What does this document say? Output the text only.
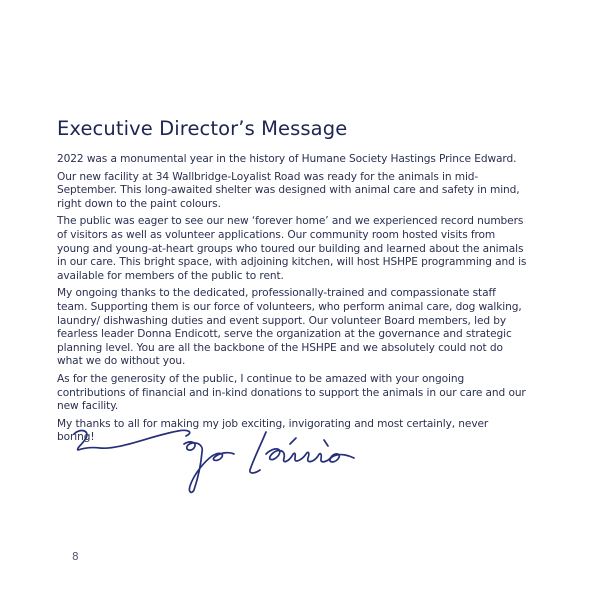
Executive Director’s Message

2022 was a monumental year in the history of Humane Society Hastings Prince Edward.

Our new facility at 34 Wallbridge-Loyalist Road was ready for the animals in mid-September. This long-awaited shelter was designed with animal care and safety in mind, right down to the paint colours.

The public was eager to see our new ‘forever home’ and we experienced record numbers of visitors as well as volunteer applications. Our community room hosted visits from young and young-at-heart groups who toured our building and learned about the animals in our care. This bright space, with adjoining kitchen, will host HSHPE programming and is available for members of the public to rent.

My ongoing thanks to the dedicated, professionally-trained and compassionate staff team. Supporting them is our force of volunteers, who perform animal care, dog walking, laundry/ dishwashing duties and event support. Our volunteer Board members, led by fearless leader Donna Endicott, serve the organization at the governance and strategic planning level. You are all the backbone of the HSHPE and we absolutely could not do what we do without you.

As for the generosity of the public, I continue to be amazed with your ongoing contributions of financial and in-kind donations to support the animals in our care and our new facility.

My thanks to all for making my job exciting, invigorating and most certainly, never boring!

8
